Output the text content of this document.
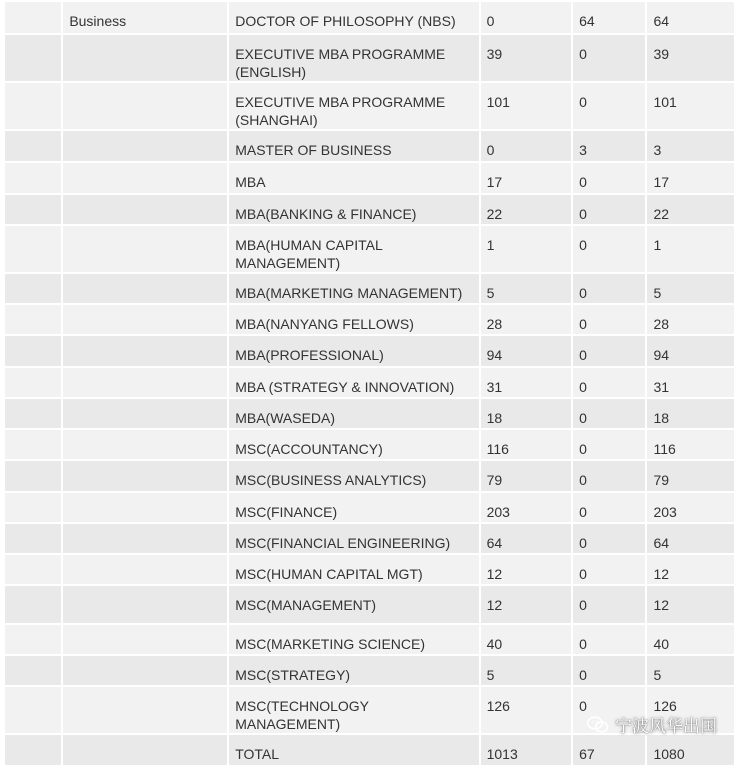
	Business	DOCTOR OF PHILOSOPHY (NBS)	0	64	64
		EXECUTIVE MBA PROGRAMME (ENGLISH)	39	0	39
		EXECUTIVE MBA PROGRAMME (SHANGHAI)	101	0	101
		MASTER OF BUSINESS	0	3	3
		MBA	17	0	17
		MBA(BANKING & FINANCE)	22	0	22
		MBA(HUMAN CAPITAL MANAGEMENT)	1	0	1
		MBA(MARKETING MANAGEMENT)	5	0	5
		MBA(NANYANG FELLOWS)	28	0	28
		MBA(PROFESSIONAL)	94	0	94
		MBA (STRATEGY & INNOVATION)	31	0	31
		MBA(WASEDA)	18	0	18
		MSC(ACCOUNTANCY)	116	0	116
		MSC(BUSINESS ANALYTICS)	79	0	79
		MSC(FINANCE)	203	0	203
		MSC(FINANCIAL ENGINEERING)	64	0	64
		MSC(HUMAN CAPITAL MGT)	12	0	12
		MSC(MANAGEMENT)	12	0	12
		MSC(MARKETING SCIENCE)	40	0	40
		MSC(STRATEGY)	5	0	5
		MSC(TECHNOLOGY MANAGEMENT)	126	0	126
		TOTAL	1013	67	1080
宁波风华出国
